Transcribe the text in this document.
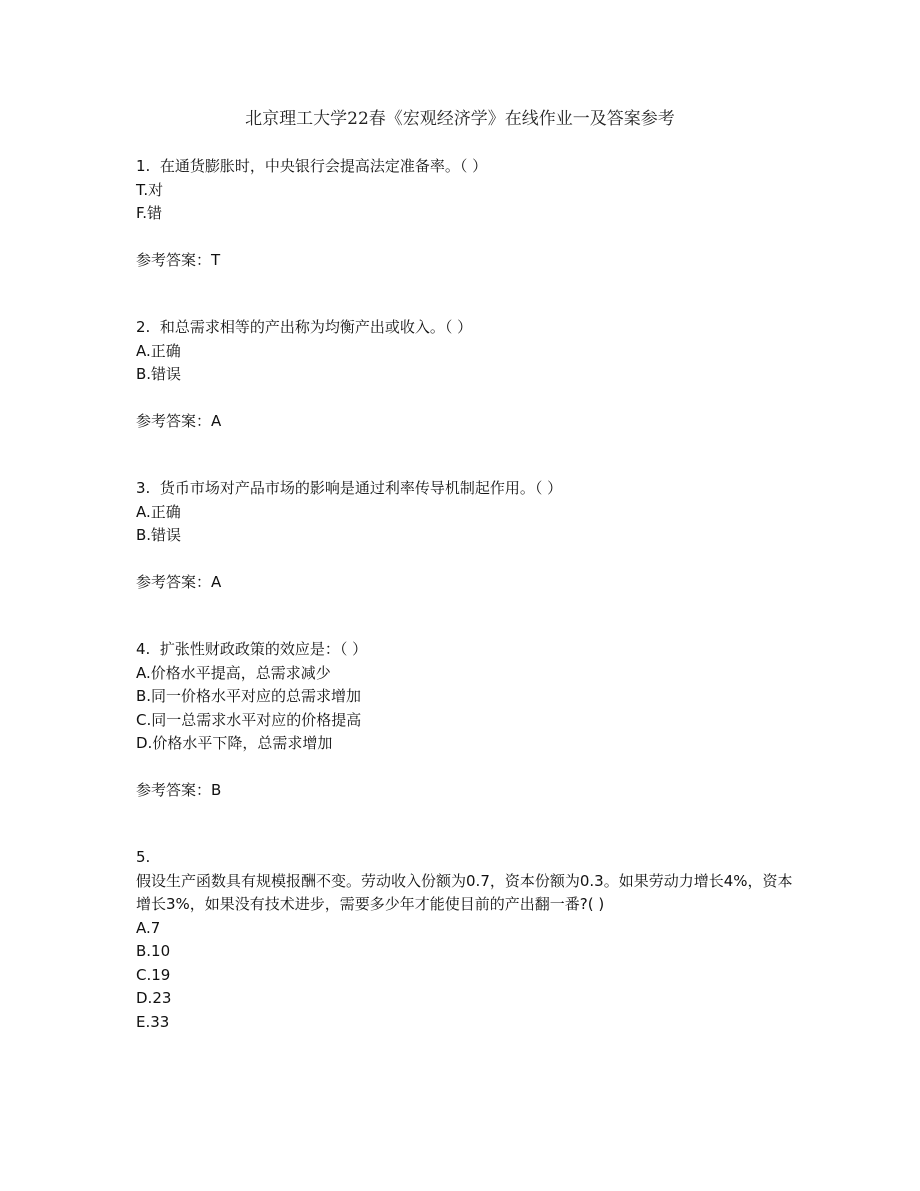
北京理工大学22春《宏观经济学》在线作业一及答案参考
1. 在通货膨胀时，中央银行会提高法定准备率。（ ）
T.对
F.错
参考答案：T
2. 和总需求相等的产出称为均衡产出或收入。（ ）
A.正确
B.错误
参考答案：A
3. 货币市场对产品市场的影响是通过利率传导机制起作用。（ ）
A.正确
B.错误
参考答案：A
4. 扩张性财政政策的效应是：（ ）
A.价格水平提高，总需求减少
B.同一价格水平对应的总需求增加
C.同一总需求水平对应的价格提高
D.价格水平下降，总需求增加
参考答案：B
5.
假设生产函数具有规模报酬不变。劳动收入份额为0.7，资本份额为0.3。如果劳动力增长4%，资本增长3%，如果没有技术进步，需要多少年才能使目前的产出翻一番?( )
A.7
B.10
C.19
D.23
E.33
